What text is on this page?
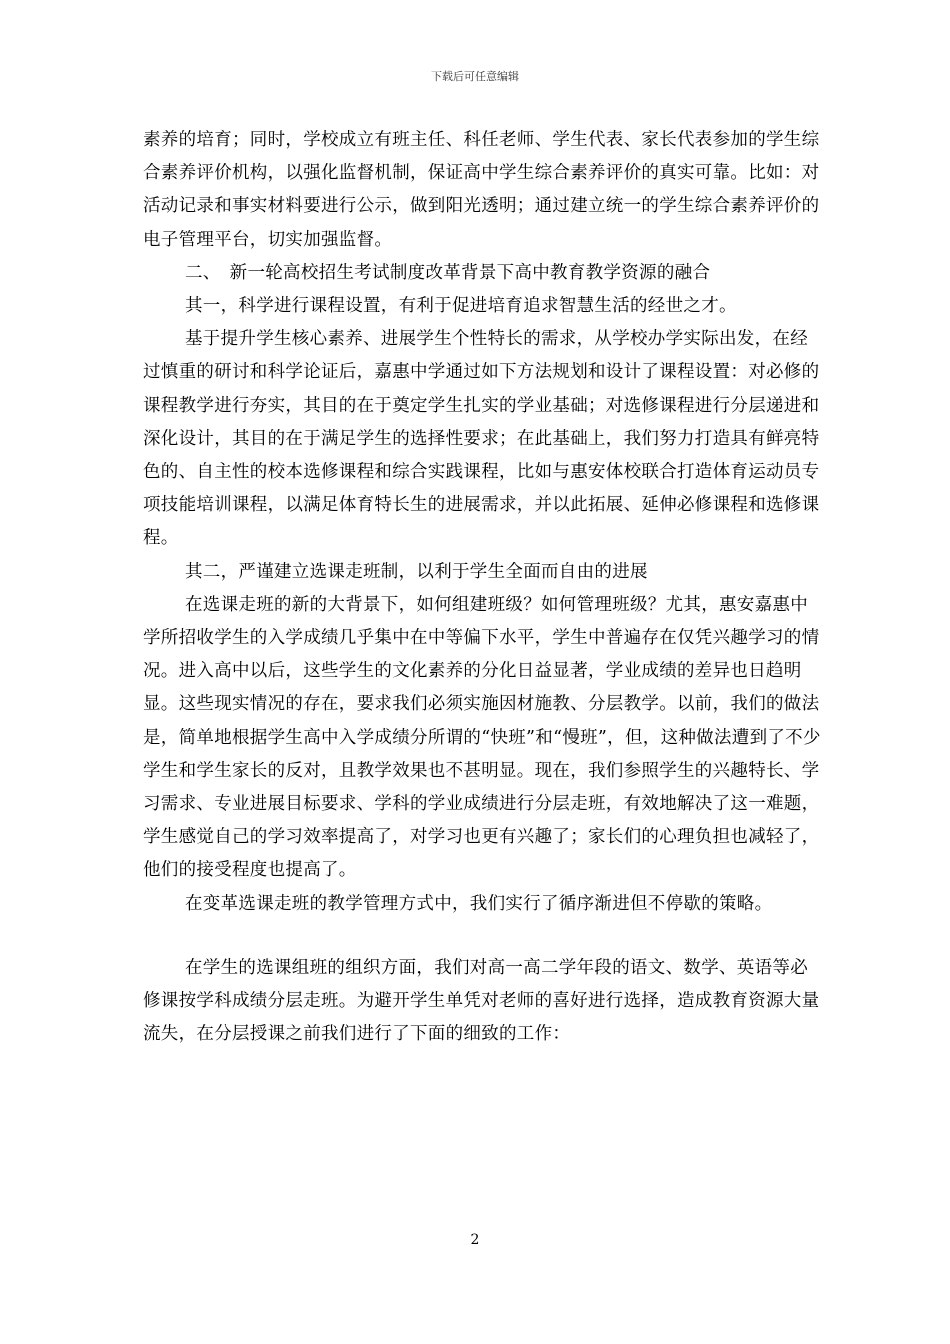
下载后可任意编辑

素养的培育；同时，学校成立有班主任、科任老师、学生代表、家长代表参加的学生综合素养评价机构，以强化监督机制，保证高中学生综合素养评价的真实可靠。比如：对活动记录和事实材料要进行公示，做到阳光透明；通过建立统一的学生综合素养评价的电子管理平台，切实加强监督。

二、　新一轮高校招生考试制度改革背景下高中教育教学资源的融合

其一，科学进行课程设置，有利于促进培育追求智慧生活的经世之才。

基于提升学生核心素养、进展学生个性特长的需求，从学校办学实际出发，在经过慎重的研讨和科学论证后，嘉惠中学通过如下方法规划和设计了课程设置：对必修的课程教学进行夯实，其目的在于奠定学生扎实的学业基础；对选修课程进行分层递进和深化设计，其目的在于满足学生的选择性要求；在此基础上，我们努力打造具有鲜亮特色的、自主性的校本选修课程和综合实践课程，比如与惠安体校联合打造体育运动员专项技能培训课程，以满足体育特长生的进展需求，并以此拓展、延伸必修课程和选修课程。

其二，严谨建立选课走班制，以利于学生全面而自由的进展

在选课走班的新的大背景下，如何组建班级？如何管理班级？尤其，惠安嘉惠中学所招收学生的入学成绩几乎集中在中等偏下水平，学生中普遍存在仅凭兴趣学习的情况。进入高中以后，这些学生的文化素养的分化日益显著，学业成绩的差异也日趋明显。这些现实情况的存在，要求我们必须实施因材施教、分层教学。以前，我们的做法是，简单地根据学生高中入学成绩分所谓的“快班”和“慢班”，但，这种做法遭到了不少学生和学生家长的反对，且教学效果也不甚明显。现在，我们参照学生的兴趣特长、学习需求、专业进展目标要求、学科的学业成绩进行分层走班，有效地解决了这一难题，学生感觉自己的学习效率提高了，对学习也更有兴趣了；家长们的心理负担也减轻了，他们的接受程度也提高了。

在变革选课走班的教学管理方式中，我们实行了循序渐进但不停歇的策略。

在学生的选课组班的组织方面，我们对高一高二学年段的语文、数学、英语等必修课按学科成绩分层走班。为避开学生单凭对老师的喜好进行选择，造成教育资源大量流失，在分层授课之前我们进行了下面的细致的工作：

2
